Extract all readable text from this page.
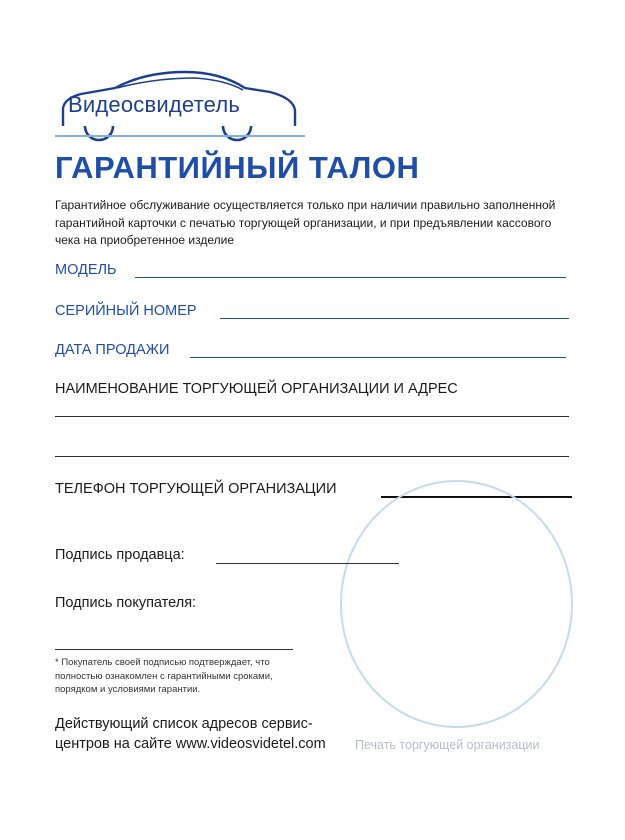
Видеосвидетель
ГАРАНТИЙНЫЙ ТАЛОН
Гарантийное обслуживание осуществляется только при наличии правильно заполненной гарантийной карточки с печатью торгующей организации, и при предъявлении кассового чека на приобретенное изделие
МОДЕЛЬ
СЕРИЙНЫЙ НОМЕР
ДАТА ПРОДАЖИ
НАИМЕНОВАНИЕ ТОРГУЮЩЕЙ ОРГАНИЗАЦИИ И АДРЕС
ТЕЛЕФОН ТОРГУЮЩЕЙ ОРГАНИЗАЦИИ
Печать торгующей организации
Подпись продавца:
Подпись покупателя:
* Покупатель своей подписью подтверждает, что полностью ознакомлен с гарантийными сроками, порядком и условиями гарантии.
Действующий список адресов сервис-
центров на сайте www.videosvidetel.com
